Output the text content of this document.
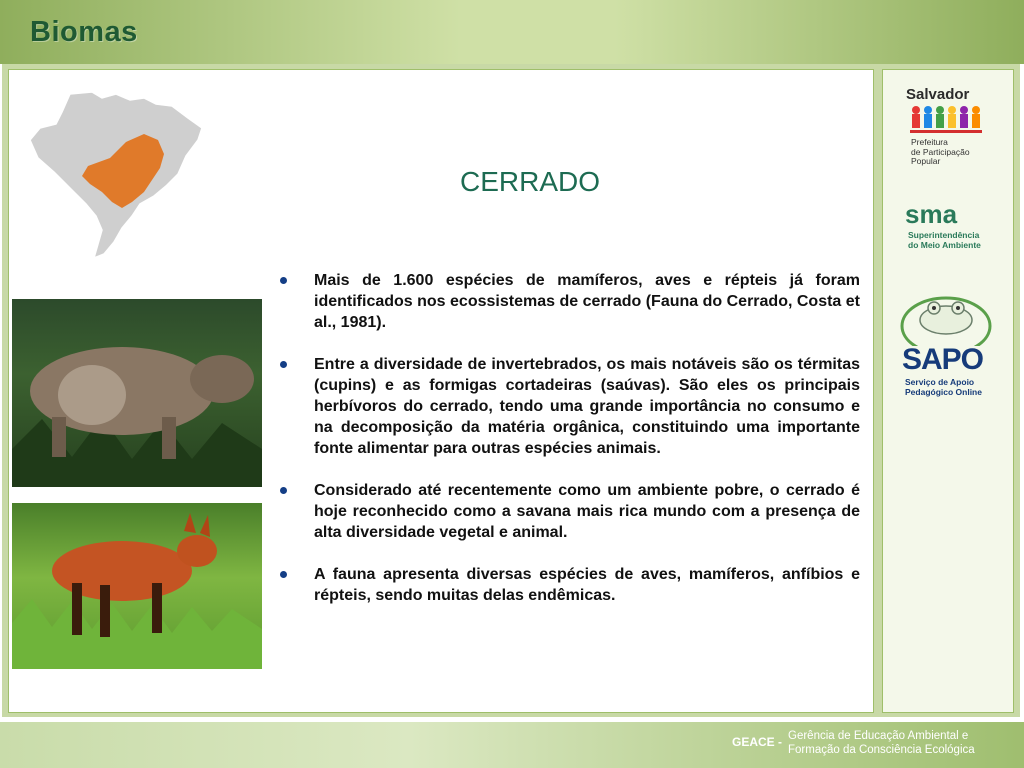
Biomas
CERRADO
Mais de 1.600 espécies de mamíferos, aves e répteis já foram identificados nos ecossistemas de cerrado (Fauna do Cerrado, Costa et al., 1981).
Entre a diversidade de invertebrados, os mais notáveis são os térmitas (cupins) e as formigas cortadeiras (saúvas). São eles os principais herbívoros do cerrado, tendo uma grande importância no consumo e na decomposição da matéria orgânica, constituindo uma importante fonte alimentar para outras espécies animais.
Considerado até recentemente como um ambiente pobre, o cerrado é hoje reconhecido como a savana mais rica mundo com a presença de alta diversidade vegetal e animal.
A fauna apresenta diversas espécies de aves, mamíferos, anfíbios e répteis, sendo muitas delas endêmicas.
Salvador
Prefeitura
de Participação
Popular
sma
Superintendência
do Meio Ambiente
SAPO
Serviço de Apoio
Pedagógico Online
GEACE - Gerência de Educação Ambiental e
Formação da Consciência Ecológica
